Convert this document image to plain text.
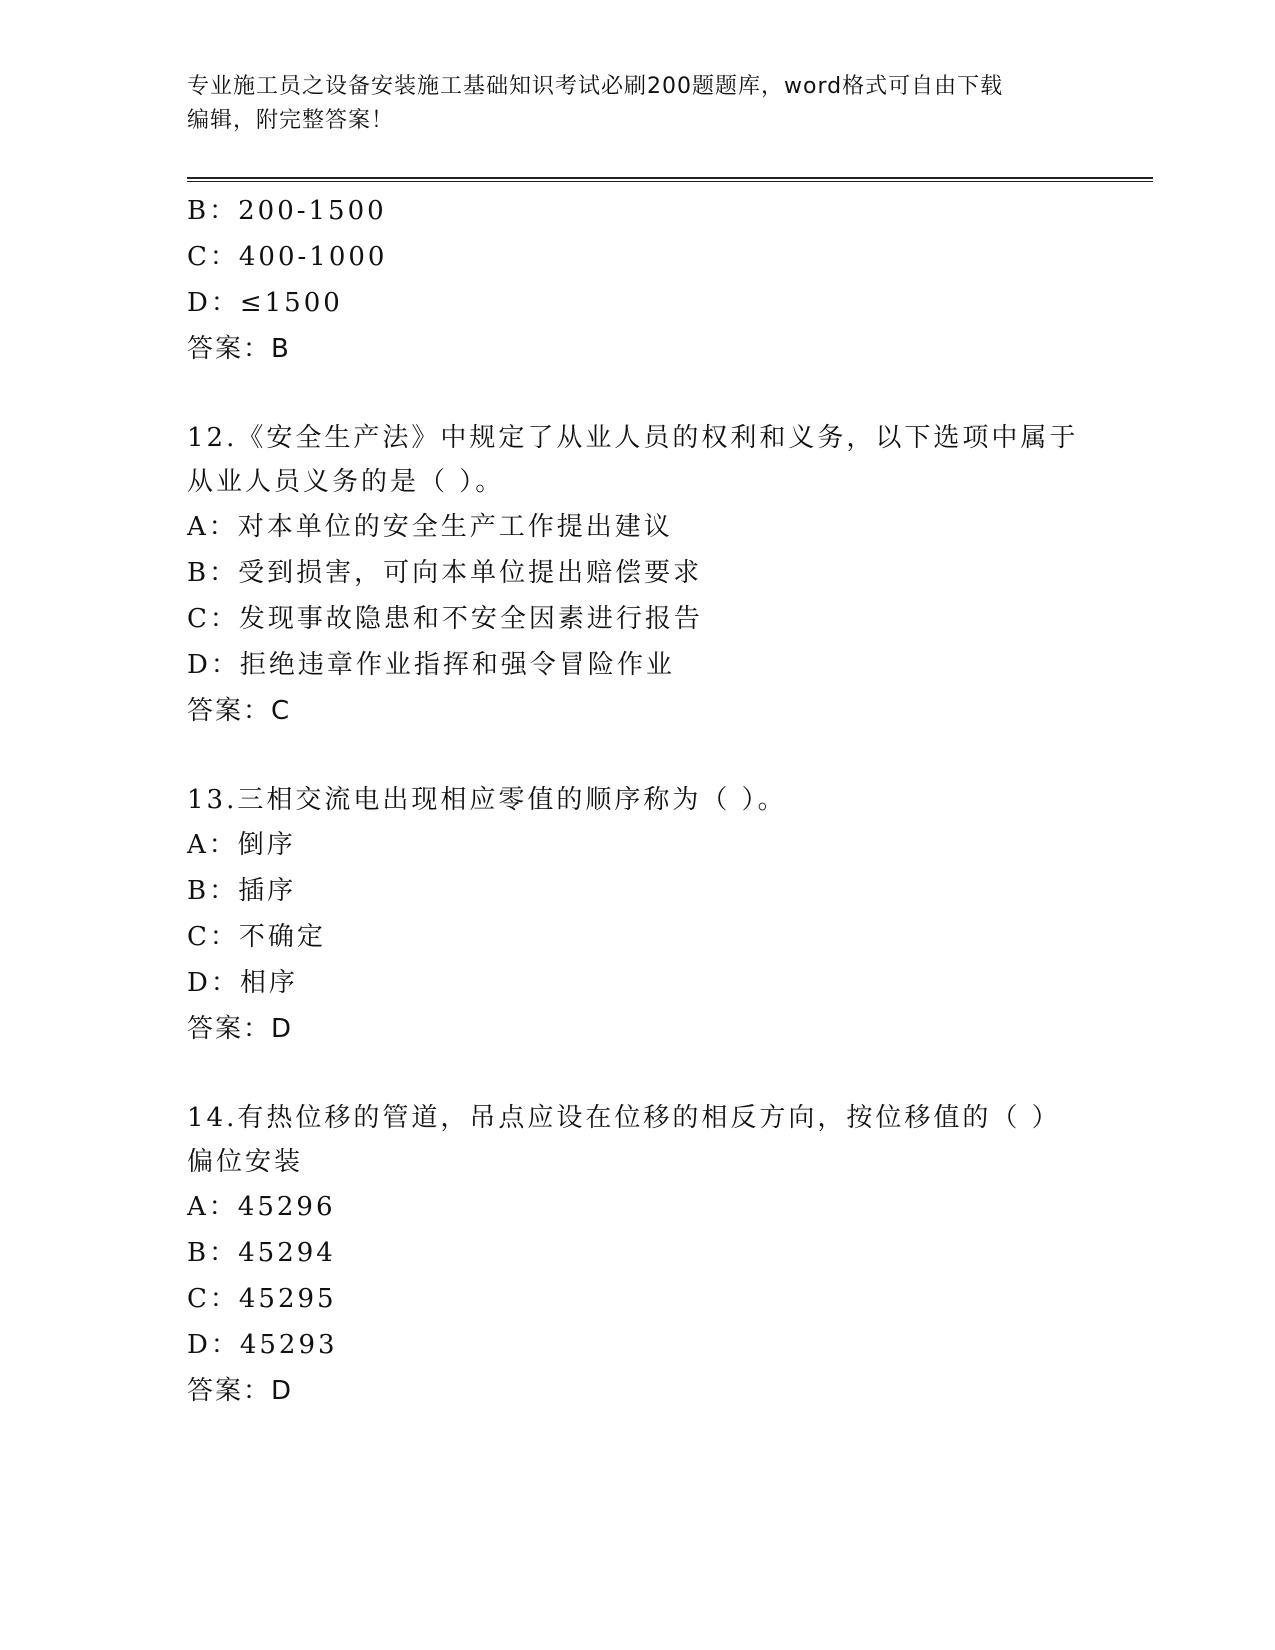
专业施工员之设备安装施工基础知识考试必刷200题题库，word格式可自由下载
编辑，附完整答案！
B：200-1500
C：400-1000
D：≤1500
答案：B
12.《安全生产法》中规定了从业人员的权利和义务，以下选项中属于
从业人员义务的是（ ）。
A：对本单位的安全生产工作提出建议
B：受到损害，可向本单位提出赔偿要求
C：发现事故隐患和不安全因素进行报告
D：拒绝违章作业指挥和强令冒险作业
答案：C
13.三相交流电出现相应零值的顺序称为（ ）。
A：倒序
B：插序
C：不确定
D：相序
答案：D
14.有热位移的管道，吊点应设在位移的相反方向，按位移值的（ ）
偏位安装
A：45296
B：45294
C：45295
D：45293
答案：D
